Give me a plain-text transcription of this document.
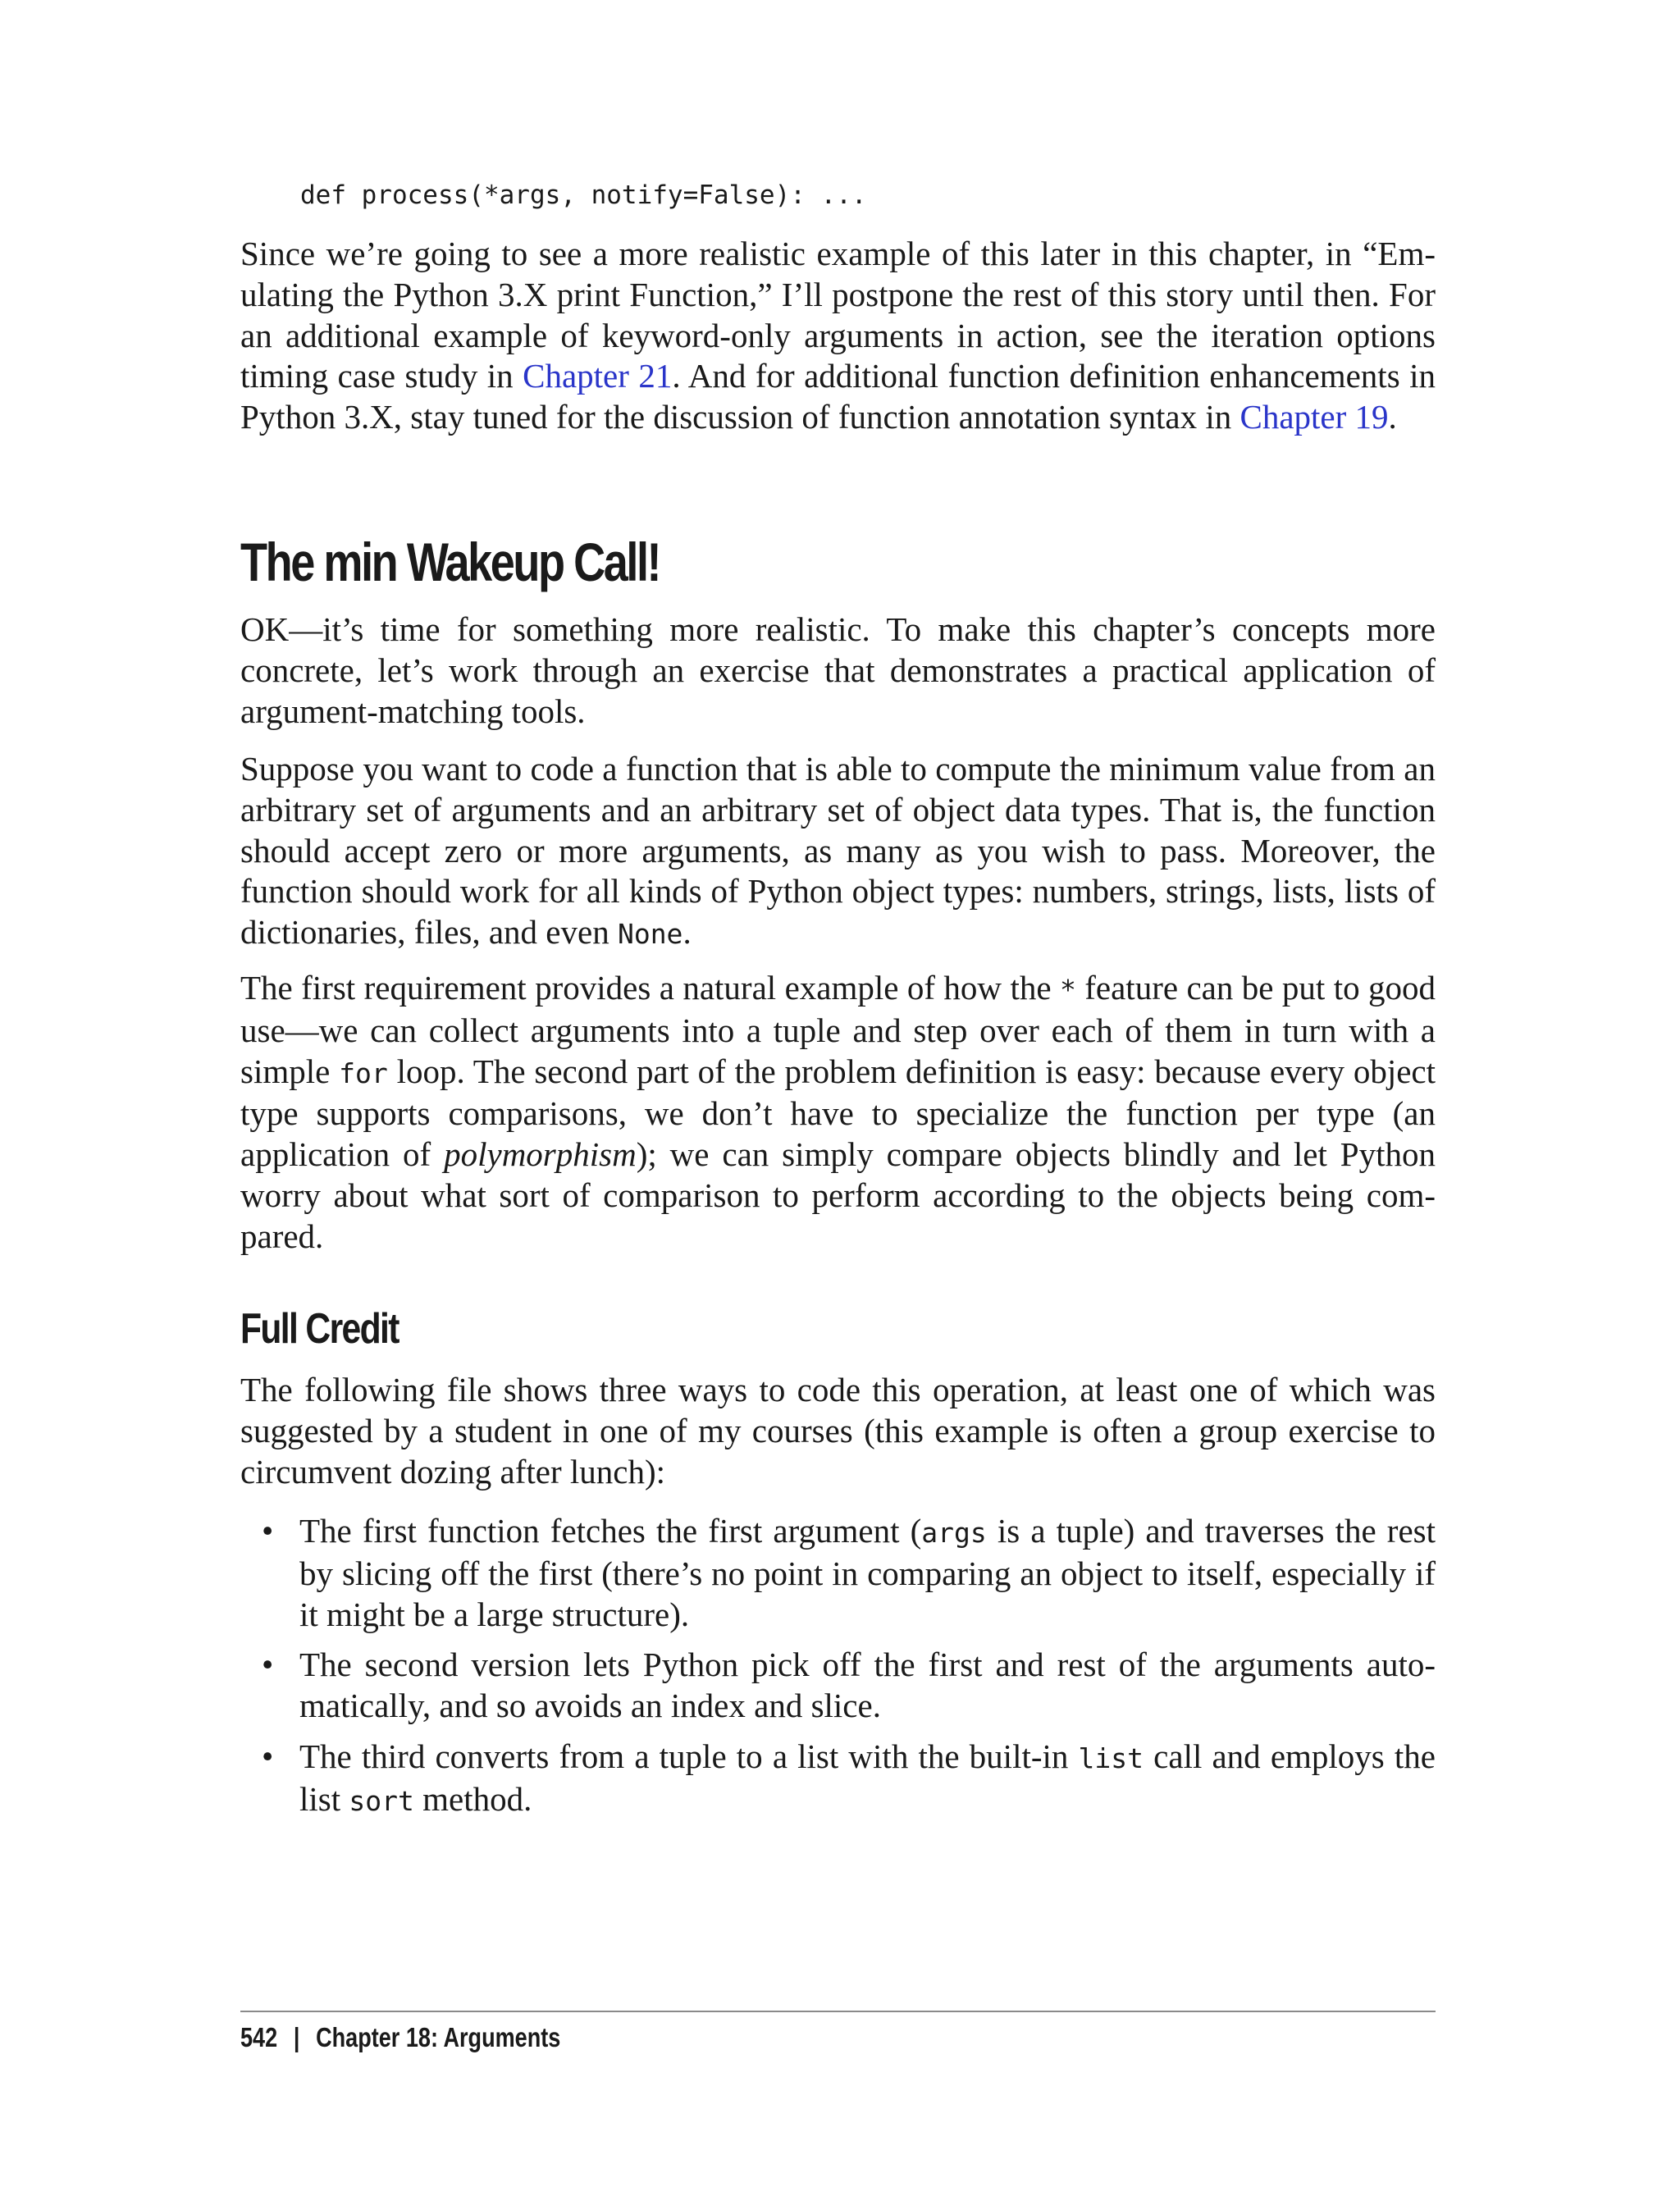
def process(*args, notify=False): ...

Since we’re going to see a more realistic example of this later in this chapter, in “Emulating the Python 3.X print Function,” I’ll postpone the rest of this story until then. For an additional example of keyword-only arguments in action, see the iteration options timing case study in Chapter 21. And for additional function definition enhancements in Python 3.X, stay tuned for the discussion of function annotation syntax in Chapter 19.

The min Wakeup Call!

OK—it’s time for something more realistic. To make this chapter’s concepts more concrete, let’s work through an exercise that demonstrates a practical application of argument-matching tools.

Suppose you want to code a function that is able to compute the minimum value from an arbitrary set of arguments and an arbitrary set of object data types. That is, the function should accept zero or more arguments, as many as you wish to pass. Moreover, the function should work for all kinds of Python object types: numbers, strings, lists, lists of dictionaries, files, and even None.

The first requirement provides a natural example of how the * feature can be put to good use—we can collect arguments into a tuple and step over each of them in turn with a simple for loop. The second part of the problem definition is easy: because every object type supports comparisons, we don’t have to specialize the function per type (an application of polymorphism); we can simply compare objects blindly and let Python worry about what sort of comparison to perform according to the objects being compared.

Full Credit

The following file shows three ways to code this operation, at least one of which was suggested by a student in one of my courses (this example is often a group exercise to circumvent dozing after lunch):

• The first function fetches the first argument (args is a tuple) and traverses the rest by slicing off the first (there’s no point in comparing an object to itself, especially if it might be a large structure).
• The second version lets Python pick off the first and rest of the arguments automatically, and so avoids an index and slice.
• The third converts from a tuple to a list with the built-in list call and employs the list sort method.

542 | Chapter 18: Arguments
